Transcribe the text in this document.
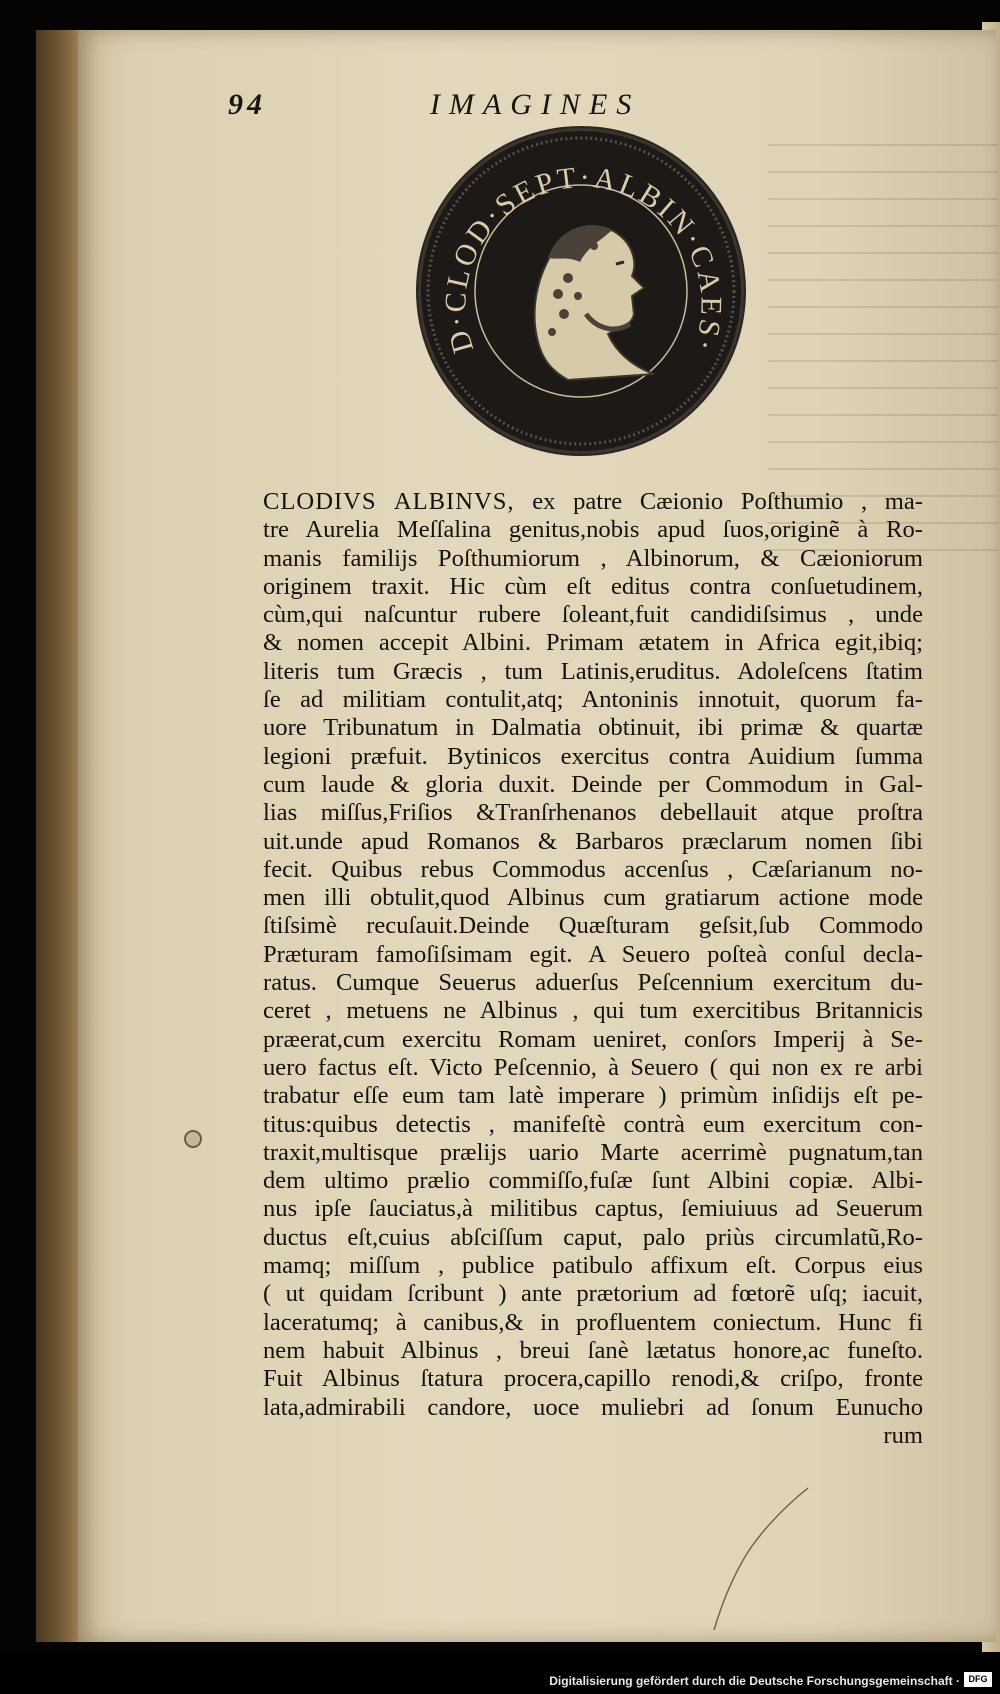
94	IMAGINES
D·CLOD·SEPT·ALBIN·CAES·
CLODIVS ALBINVS, ex patre Cæionio Poſthumio , ma-
tre Aurelia Meſſalina genitus,nobis apud ſuos,originẽ à Ro-
manis familijs Poſthumiorum , Albinorum, & Cæioniorum
originem traxit. Hic cùm eſt editus contra conſuetudinem,
cùm,qui naſcuntur rubere ſoleant,fuit candidiſsimus , unde
& nomen accepit Albini. Primam ætatem in Africa egit,ibiq;
literis tum Græcis , tum Latinis,eruditus. Adoleſcens ſtatim
ſe ad militiam contulit,atq; Antoninis innotuit, quorum fa-
uore Tribunatum in Dalmatia obtinuit, ibi primæ & quartæ
legioni præfuit. Bytinicos exercitus contra Auidium ſumma
cum laude & gloria duxit. Deinde per Commodum in Gal-
lias miſſus,Friſios &Tranſrhenanos debellauit atque proſtra
uit.unde apud Romanos & Barbaros præclarum nomen ſibi
fecit. Quibus rebus Commodus accenſus , Cæſarianum no-
men illi obtulit,quod Albinus cum gratiarum actione mode
ſtiſsimè recuſauit.Deinde Quæſturam geſsit,ſub Commodo
Præturam famoſiſsimam egit. A Seuero poſteà conſul decla-
ratus. Cumque Seuerus aduerſus Peſcennium exercitum du-
ceret , metuens ne Albinus , qui tum exercitibus Britannicis
præerat,cum exercitu Romam ueniret, conſors Imperij à Se-
uero factus eſt. Victo Peſcennio, à Seuero ( qui non ex re arbi
trabatur eſſe eum tam latè imperare ) primùm inſidijs eſt pe-
titus:quibus detectis , manifeſtè contrà eum exercitum con-
traxit,multisque prælijs uario Marte acerrimè pugnatum,tan
dem ultimo prælio commiſſo,fuſæ ſunt Albini copiæ. Albi-
nus ipſe ſauciatus,à militibus captus, ſemiuiuus ad Seuerum
ductus eſt,cuius abſciſſum caput, palo priùs circumlatũ,Ro-
mamq; miſſum , publice patibulo affixum eſt. Corpus eius
( ut quidam ſcribunt ) ante prætorium ad fœtorẽ uſq; iacuit,
laceratumq; à canibus,& in profluentem coniectum. Hunc fi
nem habuit Albinus , breui ſanè lætatus honore,ac funeſto.
Fuit Albinus ſtatura procera,capillo renodi,& criſpo, fronte
lata,admirabili candore, uoce muliebri ad ſonum Eunucho
rum
Digitalisierung gefördert durch die Deutsche Forschungsgemeinschaft · DFG
